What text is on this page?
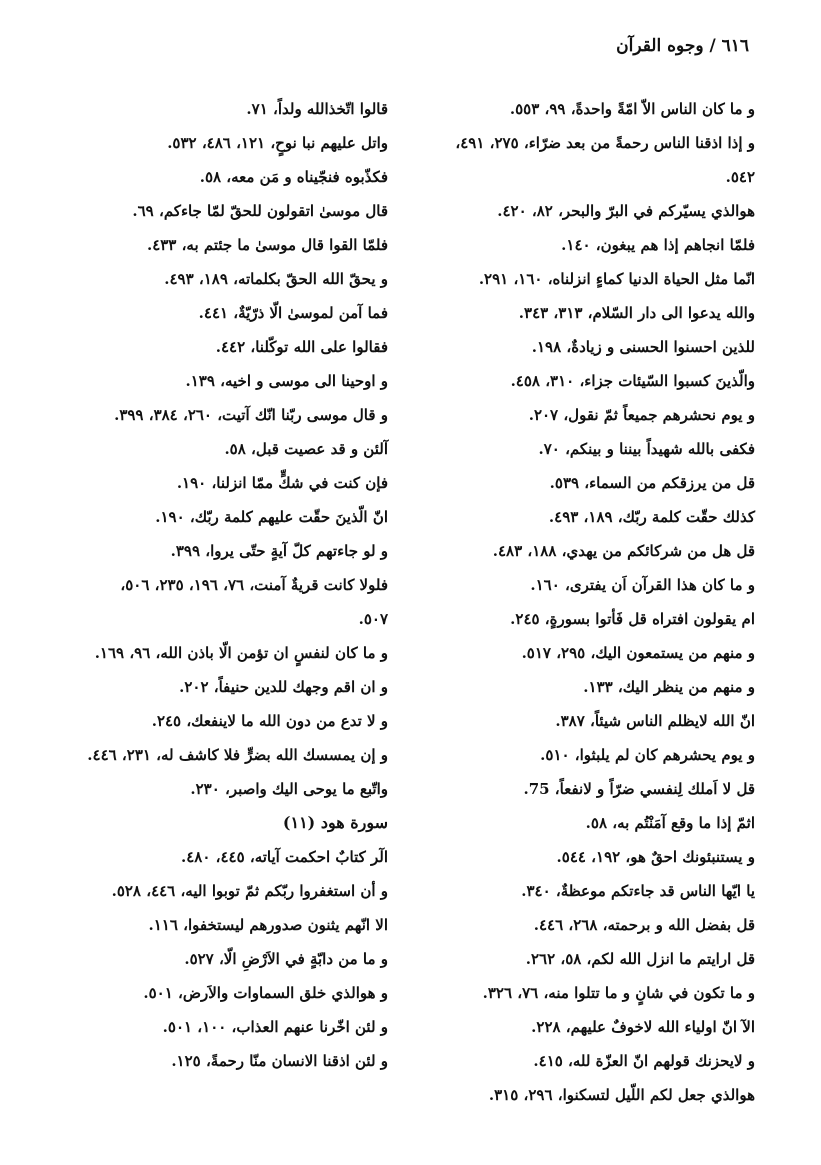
٦١٦ / وجوه القرآن
و ما كان الناس الاّ امّةً واحدةً، ٩٩، ٥٥٣.
و إذا اذقنا الناس رحمةً من بعد ضرّاء، ٢٧٥، ٤٩١،
٥٤٢.
هوالذي يسيّركم في البرّ والبحر، ٨٢، ٤٢٠.
فلمّا انجاهم إذا هم يبغون، ١٤٠.
انّما مثل الحياة الدنيا كماءٍ انزلناه، ١٦٠، ٢٩١.
والله يدعوا الى دار السّلام، ٣١٣، ٣٤٣.
للذين احسنوا الحسنى و زيادةٌ، ١٩٨.
والّذينَ كسبوا السّيئات جزاء، ٣١٠، ٤٥٨.
و يوم نحشرهم جميعاً ثمّ نقول، ٢٠٧.
فكفى بالله شهيداً بيننا و بينكم، ٧٠.
قل من يرزقكم من السماء، ٥٣٩.
كذلك حقّت كلمة ربّك، ١٨٩، ٤٩٣.
قل هل من شركائكم من يهدي، ١٨٨، ٤٨٣.
و ما كان هذا القرآن اَن يفترى، ١٦٠.
ام يقولون افتراه قل فَأتوا بسورةٍ، ٢٤٥.
و منهم من يستمعون اليك، ٢٩٥، ٥١٧.
و منهم من ينظر اليك، ١٣٣.
انّ الله لايظلم الناس شيئاً، ٣٨٧.
و يوم يحشرهم كان لم يلبثوا، ٥١٠.
قل لا اَملك لِنفسي ضرّاً و لانفعاً، 75.
اثمّ إذا ما وقع آمَنْتُم به، ٥٨.
و يستنبئونك احقٌ هو، ١٩٢، ٥٤٤.
يا ايّها الناس قد جاءتكم موعظةٌ، ٣٤٠.
قل بفضل الله و برحمته، ٢٦٨، ٤٤٦.
قل ارايتم ما انزل الله لكم، ٥٨، ٢٦٢.
و ما تكون في شانٍ و ما تتلوا منه، ٧٦، ٣٢٦.
الآ انّ اولياء الله لاخوفٌ عليهم، ٢٢٨.
و لايحزنك قولهم انّ العزّة لله، ٤١٥.
هوالذي جعل لكم اللّيل لتسكنوا، ٢٩٦، ٣١٥.
قالوا اتّخذالله ولداً، ٧١.
واتل عليهم نبا نوحٍ، ١٢١، ٤٨٦، ٥٣٢.
فكذّبوه فنجّيناه و مَن معه، ٥٨.
قال موسىٰ اتقولون للحقّ لمّا جاءكم، ٦٩.
فلمّا القوا قال موسىٰ ما جئتم به، ٤٣٣.
و يحقّ الله الحقّ بكلماته، ١٨٩، ٤٩٣.
فما آمن لموسىٰ الّا ذرّيّةٌ، ٤٤١.
فقالوا على الله توكّلنا، ٤٤٢.
و اوحينا الى موسى و اخيه، ١٣٩.
و قال موسى ربّنا انّك آتيت، ٢٦٠، ٣٨٤، ٣٩٩.
آلئن و قد عصيت قبل، ٥٨.
فإن كنت في شكٍّ ممّا انزلنا، ١٩٠.
انّ الّذينَ حقّت عليهم كلمة ربّك، ١٩٠.
و لو جاءتهم كلّ آيةٍ حتّى يروا، ٣٩٩.
فلولا كانت قريةٌ آمنت، ٧٦، ١٩٦، ٢٣٥، ٥٠٦،
٥٠٧.
و ما كان لنفسٍ ان تؤمن الّا باذن الله، ٩٦، ١٦٩.
و ان اقم وجهك للدين حنيفاً، ٢٠٢.
و لا تدع من دون الله ما لاينفعك، ٢٤٥.
و إن يمسسك الله بضرٍّ فلا كاشف له، ٢٣١، ٤٤٦.
واتّبع ما يوحى اليك واصبر، ٢٣٠.
سورة هود (١١)
الٓر كتابٌ احكمت آياته، ٤٤٥، ٤٨٠.
و أن استغفروا ربّكم ثمّ توبوا اليه، ٤٤٦، ٥٢٨.
الا انّهم يثنون صدورهم ليستخفوا، ١١٦.
و ما من دابّةٍ في الاَرْضِ الّا، ٥٢٧.
و هوالذي خلق السماوات والاَرض، ٥٠١.
و لئن اخّرنا عنهم العذاب، ١٠٠، ٥٠١.
و لئن اذقنا الانسان منّا رحمةً، ١٢٥.
